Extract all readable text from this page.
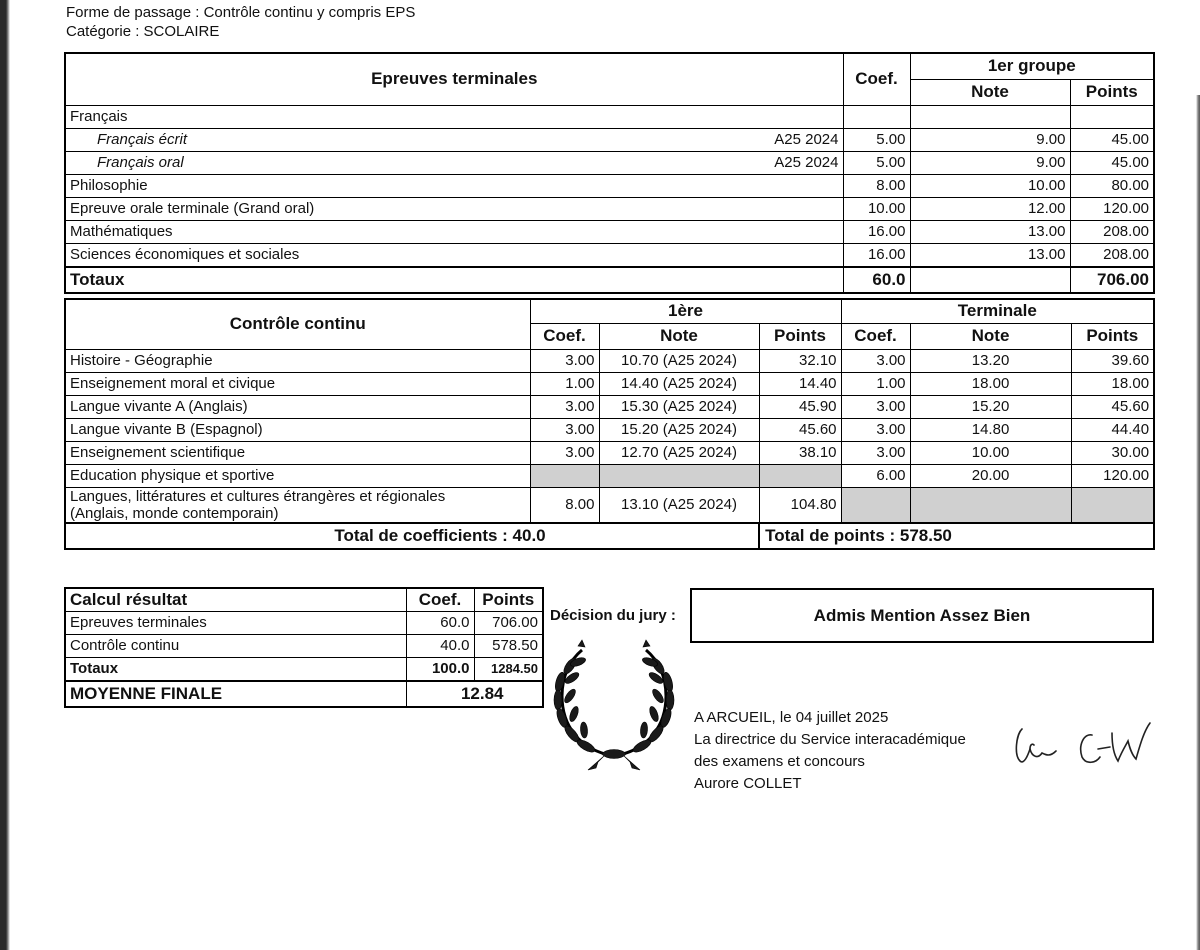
Forme de passage : Contrôle continu y compris EPS
Catégorie : SCOLAIRE
Epreuves terminales		Coef.	1er groupe	
			Note	Points
Français				
Français écrit	A25 2024	5.00	9.00	45.00
Français oral	A25 2024	5.00	9.00	45.00
Philosophie		8.00	10.00	80.00
Epreuve orale terminale (Grand oral)		10.00	12.00	120.00
Mathématiques		16.00	13.00	208.00
Sciences économiques et sociales		16.00	13.00	208.00
Totaux		60.0		706.00
Contrôle continu	1ère			Terminale		
	Coef.	Note	Points	Coef.	Note	Points
Histoire - Géographie	3.00	10.70 (A25 2024)	32.10	3.00	13.20	39.60
Enseignement moral et civique	1.00	14.40 (A25 2024)	14.40	1.00	18.00	18.00
Langue vivante A (Anglais)	3.00	15.30 (A25 2024)	45.90	3.00	15.20	45.60
Langue vivante B (Espagnol)	3.00	15.20 (A25 2024)	45.60	3.00	14.80	44.40
Enseignement scientifique	3.00	12.70 (A25 2024)	38.10	3.00	10.00	30.00
Education physique et sportive				6.00	20.00	120.00

Langues, littératures et cultures étrangères et régionales
(Anglais, monde contemporain)	8.00	13.10 (A25 2024)	104.80			
Total de coefficients : 40.0			Total de points : 578.50			
Calcul résultat	Coef.	Points
Epreuves terminales	60.0	706.00
Contrôle continu	40.0	578.50
Totaux	100.0	1284.50
MOYENNE FINALE	12.84	
Décision du jury :	Admis Mention Assez Bien
A ARCUEIL, le 04 juillet 2025
La directrice du Service interacadémique
des examens et concours
Aurore COLLET
